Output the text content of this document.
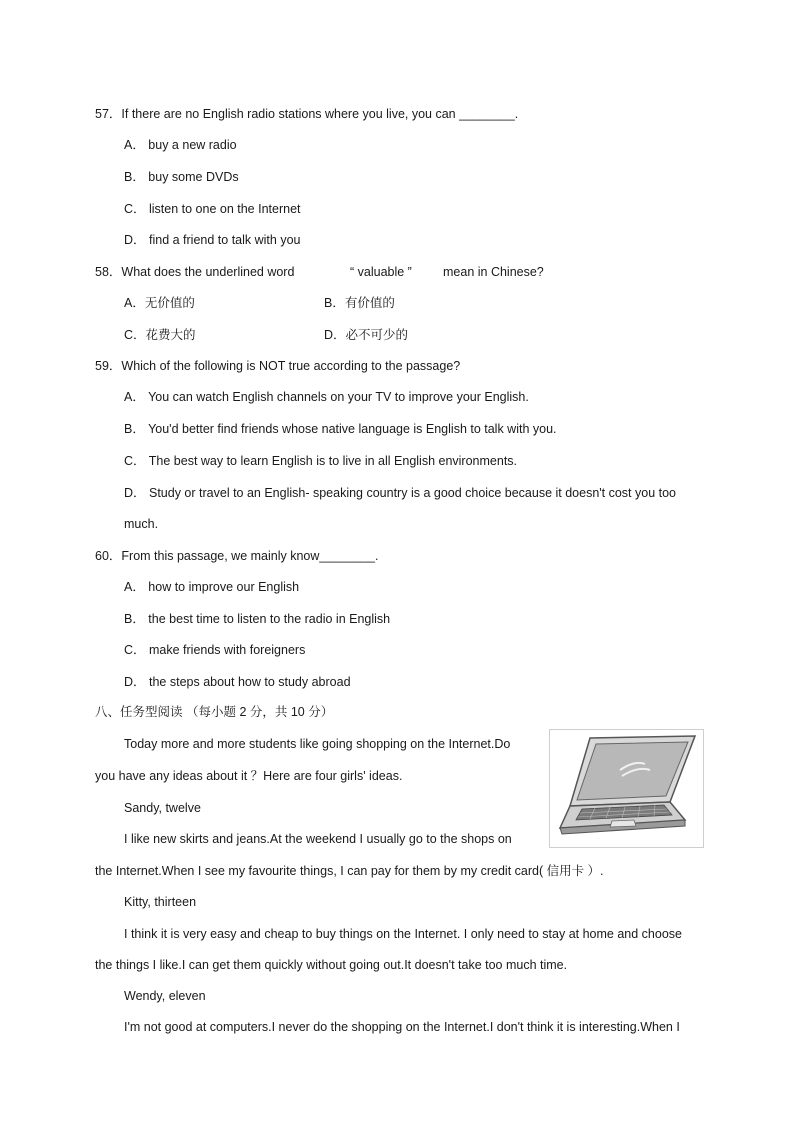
57．If there are no English radio stations where you live, you can ________.
A． buy a new radio
B． buy some DVDs
C． listen to one on the Internet
D． find a friend to talk with you
58．What does the underlined word	“ valuable ” mean in Chinese?
A．无价值的	B．有价值的
C．花费大的	D．必不可少的
59．Which of the following is NOT true according to the passage?
A． You can watch English channels on your TV to improve your English.
B． You'd better find friends whose native language is English to talk with you.
C． The best way to learn English is to live in all English environments.
D． Study or travel to an English- speaking country is a good choice because it doesn't cost you too
much.
60．From this passage, we mainly know________.
A． how to improve our English
B． the best time to listen to the radio in English
C． make friends with foreigners
D． the steps about how to study abroad
八、任务型阅读 （每小题 2 分，共 10 分）
Today more and more students like going shopping on the Internet.Do
you have any ideas about it ？Here are four girls' ideas.
Sandy, twelve
I like new skirts and jeans.At the weekend I usually go to the shops on
the Internet.When I see my favourite things, I can pay for them by my credit card( 信用卡 ）.
Kitty, thirteen
I think it is very easy and cheap to buy things on the Internet. I only need to stay at home and choose
the things I like.I can get them quickly without going out.It doesn't take too much time.
Wendy, eleven
I'm not good at computers.I never do the shopping on the Internet.I don't think it is interesting.When I
